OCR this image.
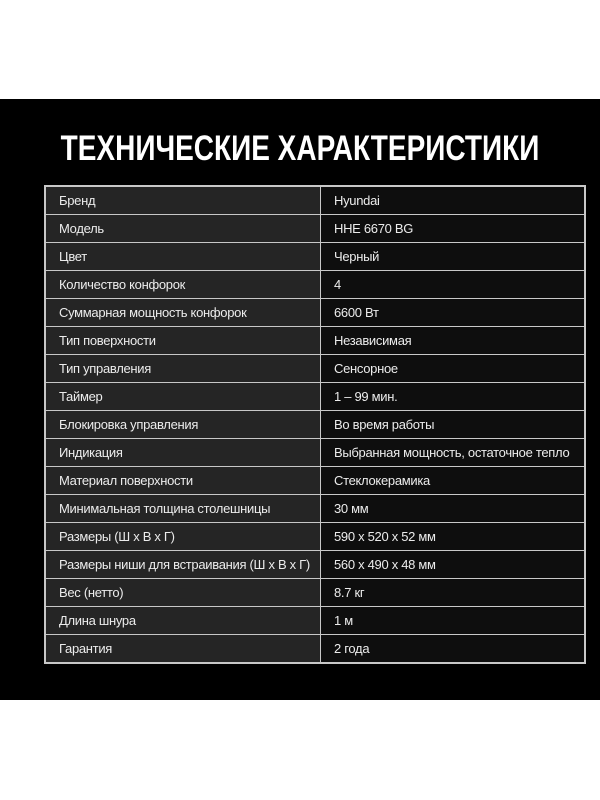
ТЕХНИЧЕСКИЕ ХАРАКТЕРИСТИКИ
Бренд	Hyundai
Модель	HHE 6670 BG
Цвет	Черный
Количество конфорок	4
Суммарная мощность конфорок	6600 Вт
Тип поверхности	Независимая
Тип управления	Сенсорное
Таймер	1 – 99 мин.
Блокировка управления	Во время работы
Индикация	Выбранная мощность, остаточное тепло
Материал поверхности	Стеклокерамика
Минимальная толщина столешницы	30 мм
Размеры (Ш х В х Г)	590 x 520 x 52 мм
Размеры ниши для встраивания (Ш х В х Г)	560 x 490 x 48 мм
Вес (нетто)	8.7 кг
Длина шнура	1 м
Гарантия	2 года
